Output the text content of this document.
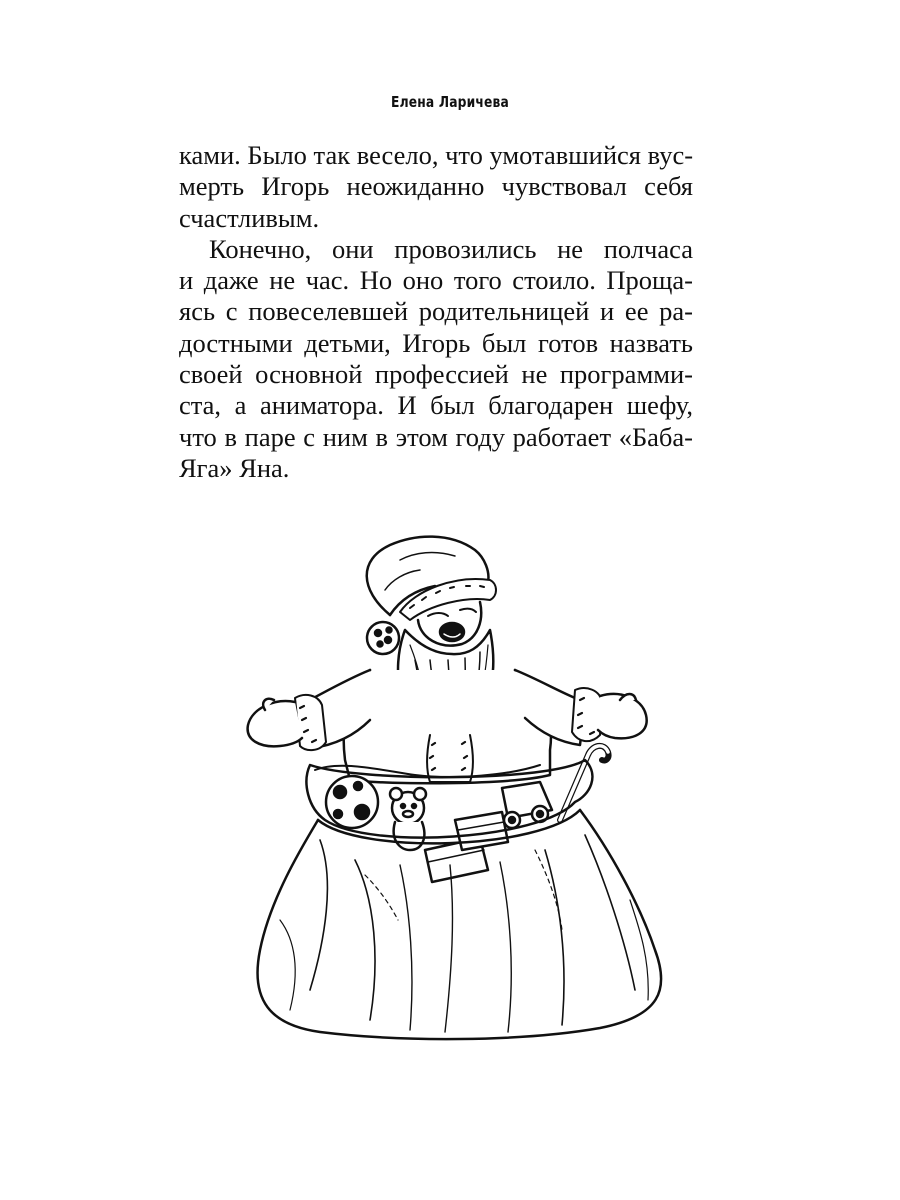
Елена Ларичева
ками. Было так весело, что умотавшийся вус-
мерть Игорь неожиданно чувствовал себя
счастливым.
Конечно, они провозились не полчаса
и даже не час. Но оно того стоило. Проща-
ясь с повеселевшей родительницей и ее ра-
достными детьми, Игорь был готов назвать
своей основной профессией не программи-
ста, а аниматора. И был благодарен шефу,
что в паре с ним в этом году работает «Баба-
Яга» Яна.
